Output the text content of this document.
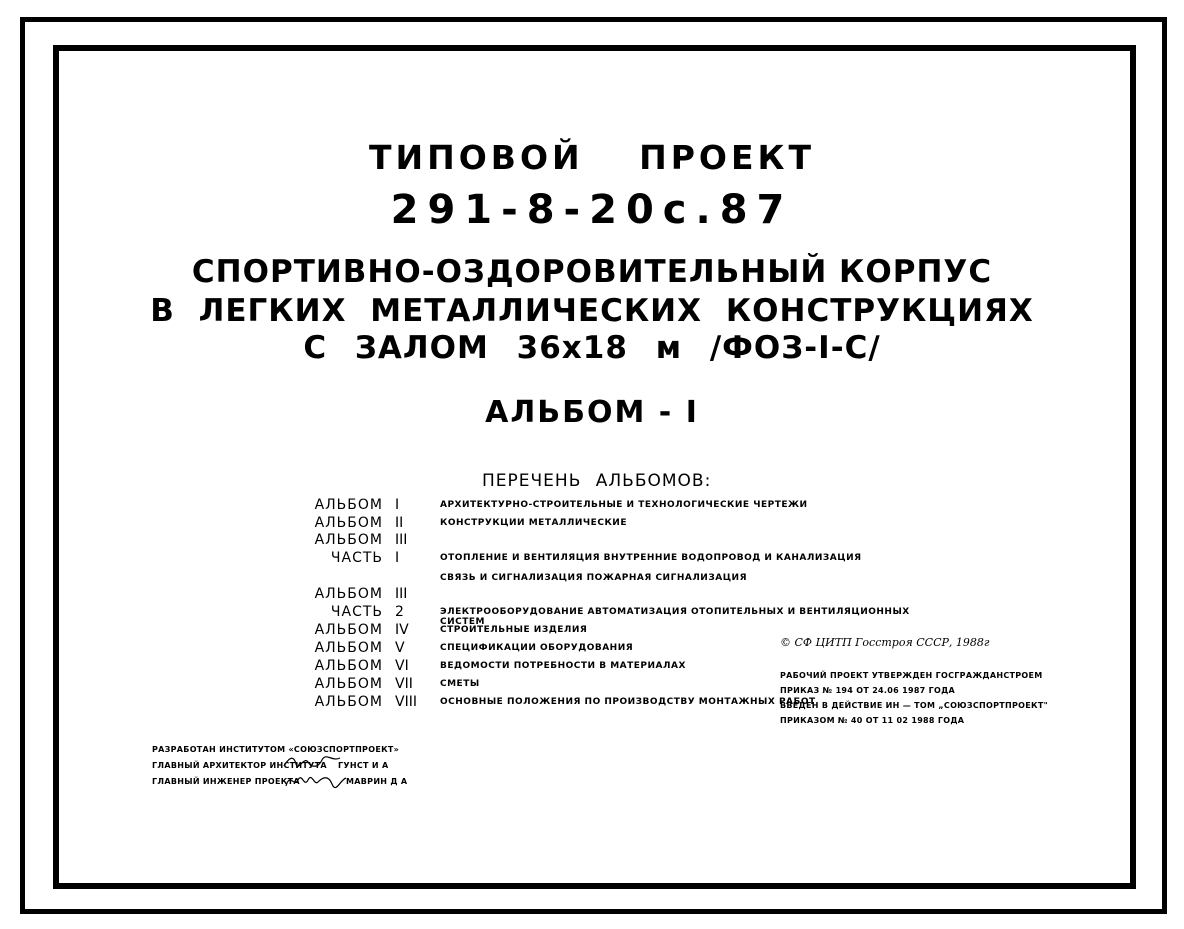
ТИПОВОЙ ПРОЕКТ
291-8-20с.87
СПОРТИВНО-ОЗДОРОВИТЕЛЬНЫЙ КОРПУС
В ЛЕГКИХ МЕТАЛЛИЧЕСКИХ КОНСТРУКЦИЯХ
С ЗАЛОМ 36х18 м /ФОЗ-I-С/
АЛЬБОМ - I
ПЕРЕЧЕНЬ АЛЬБОМОВ:
АЛЬБОМ I	АРХИТЕКТУРНО-СТРОИТЕЛЬНЫЕ И ТЕХНОЛОГИЧЕСКИЕ ЧЕРТЕЖИ
АЛЬБОМ II	КОНСТРУКЦИИ МЕТАЛЛИЧЕСКИЕ
АЛЬБОМ III
ЧАСТЬ I	ОТОПЛЕНИЕ И ВЕНТИЛЯЦИЯ ВНУТРЕННИЕ ВОДОПРОВОД И КАНАЛИЗАЦИЯ
СВЯЗЬ И СИГНАЛИЗАЦИЯ ПОЖАРНАЯ СИГНАЛИЗАЦИЯ
АЛЬБОМ III
ЧАСТЬ 2	ЭЛЕКТРООБОРУДОВАНИЕ АВТОМАТИЗАЦИЯ ОТОПИТЕЛЬНЫХ И ВЕНТИЛЯЦИОННЫХ СИСТЕМ
АЛЬБОМ IV	СТРОИТЕЛЬНЫЕ ИЗДЕЛИЯ
АЛЬБОМ V	СПЕЦИФИКАЦИИ ОБОРУДОВАНИЯ
АЛЬБОМ VI	ВЕДОМОСТИ ПОТРЕБНОСТИ В МАТЕРИАЛАХ
АЛЬБОМ VII	СМЕТЫ
АЛЬБОМ VIII	ОСНОВНЫЕ ПОЛОЖЕНИЯ ПО ПРОИЗВОДСТВУ МОНТАЖНЫХ РАБОТ
© СФ ЦИТП Госстроя СССР, 1988г
РАБОЧИЙ ПРОЕКТ УТВЕРЖДЕН ГОСГРАЖДАНСТРОЕМ
ПРИКАЗ № 194 ОТ 24.06 1987 ГОДА
ВВЕДЕН В ДЕЙСТВИЕ ИН — ТОМ „СОЮЗСПОРТПРОЕКТ"
ПРИКАЗОМ № 40 ОТ 11 02 1988 ГОДА
РАЗРАБОТАН ИНСТИТУТОМ «СОЮЗСПОРТПРОЕКТ»
ГЛАВНЫЙ АРХИТЕКТОР ИНСТИТУТА ГУНСТ И А
ГЛАВНЫЙ ИНЖЕНЕР ПРОЕКТА	МАВРИН Д А
